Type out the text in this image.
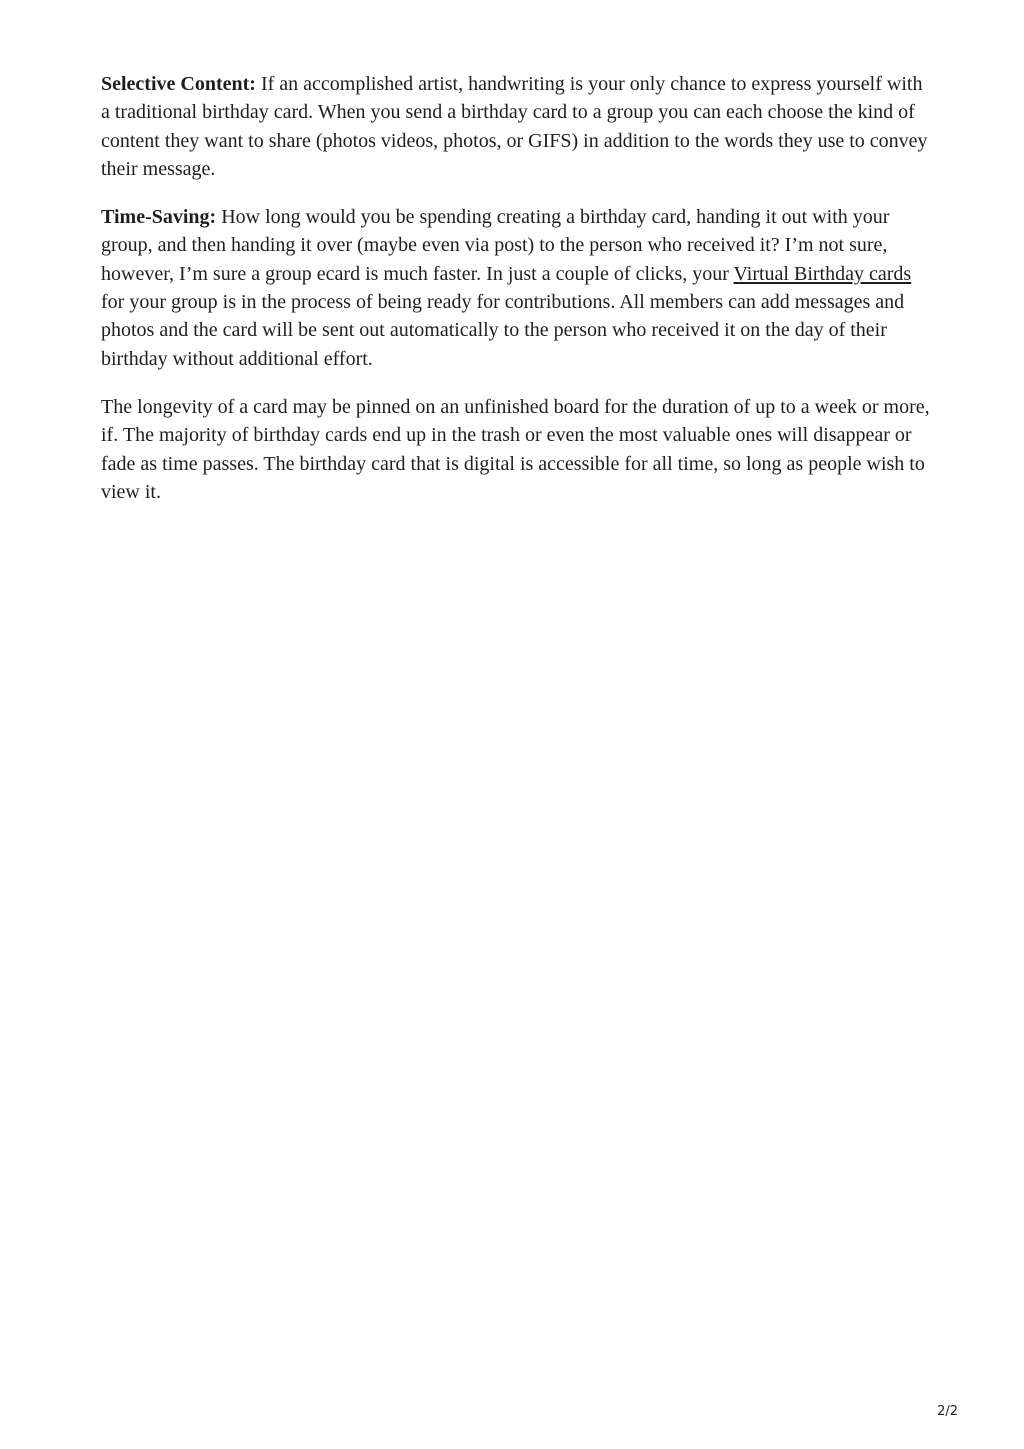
Selective Content: If an accomplished artist, handwriting is your only chance to express yourself with a traditional birthday card. When you send a birthday card to a group you can each choose the kind of content they want to share (photos videos, photos, or GIFS) in addition to the words they use to convey their message.

Time-Saving: How long would you be spending creating a birthday card, handing it out with your group, and then handing it over (maybe even via post) to the person who received it? I’m not sure, however, I’m sure a group ecard is much faster. In just a couple of clicks, your Virtual Birthday cards for your group is in the process of being ready for contributions. All members can add messages and photos and the card will be sent out automatically to the person who received it on the day of their birthday without additional effort.

The longevity of a card may be pinned on an unfinished board for the duration of up to a week or more, if. The majority of birthday cards end up in the trash or even the most valuable ones will disappear or fade as time passes. The birthday card that is digital is accessible for all time, so long as people wish to view it.

2/2
